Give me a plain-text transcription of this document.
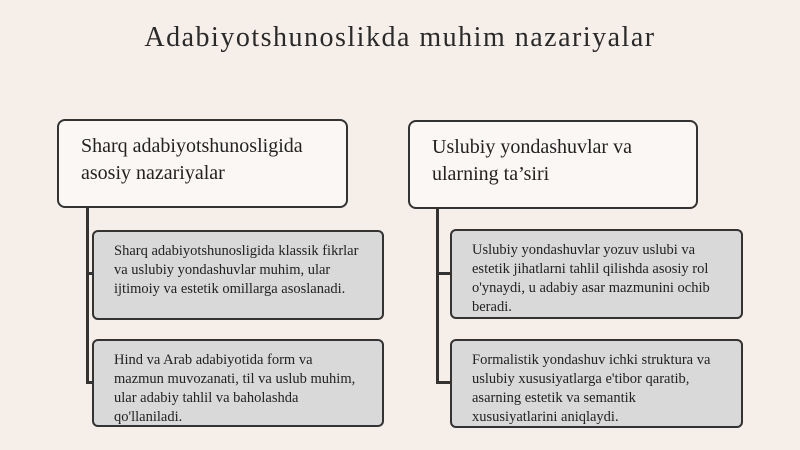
Adabiyotshunoslikda muhim nazariyalar
Sharq adabiyotshunosligida asosiy nazariyalar
Sharq adabiyotshunosligida klassik fikrlar va uslubiy yondashuvlar muhim, ular ijtimoiy va estetik omillarga asoslanadi.
Hind va Arab adabiyotida form va mazmun muvozanati, til va uslub muhim, ular adabiy tahlil va baholashda qo'llaniladi.
Uslubiy yondashuvlar va ularning ta’siri
Uslubiy yondashuvlar yozuv uslubi va estetik jihatlarni tahlil qilishda asosiy rol o'ynaydi, u adabiy asar mazmunini ochib beradi.
Formalistik yondashuv ichki struktura va uslubiy xususiyatlarga e'tibor qaratib, asarning estetik va semantik xususiyatlarini aniqlaydi.
